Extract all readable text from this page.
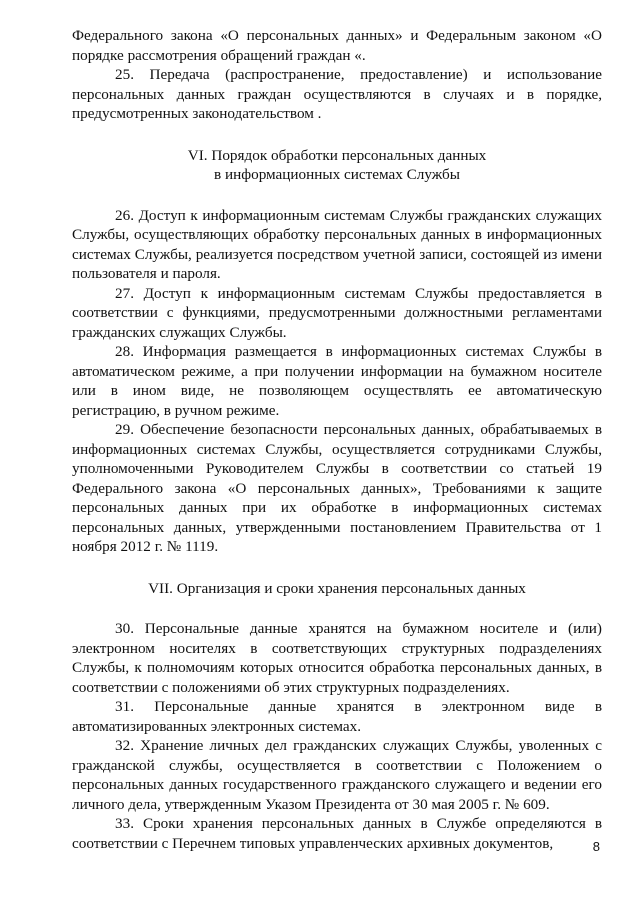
Федерального закона «О персональных данных» и Федеральным законом «О порядке рассмотрения обращений граждан «.

25. Передача (распространение, предоставление) и использование персональных данных граждан осуществляются в случаях и в порядке, предусмотренных законодательством .

VI. Порядок обработки персональных данных

в информационных системах Службы

26. Доступ к информационным системам Службы гражданских служащих Службы, осуществляющих обработку персональных данных в информационных системах Службы, реализуется посредством учетной записи, состоящей из имени пользователя и пароля.

27. Доступ к информационным системам Службы предоставляется в соответствии с функциями, предусмотренными должностными регламентами гражданских служащих Службы.

28. Информация размещается в информационных системах Службы в автоматическом режиме, а при получении информации на бумажном носителе или в ином виде, не позволяющем осуществлять ее автоматическую регистрацию, в ручном режиме.

29. Обеспечение безопасности персональных данных, обрабатываемых в информационных системах Службы, осуществляется сотрудниками Службы, уполномоченными Руководителем Службы в соответствии со статьей 19 Федерального закона «О персональных данных», Требованиями к защите персональных данных при их обработке в информационных системах персональных данных, утвержденными постановлением Правительства от 1 ноября 2012 г. № 1119.

VII. Организация и сроки хранения персональных данных

30. Персональные данные хранятся на бумажном носителе и (или) электронном носителях в соответствующих структурных подразделениях Службы, к полномочиям которых относится обработка персональных данных, в соответствии с положениями об этих структурных подразделениях.

31. Персональные данные хранятся в электронном виде в автоматизированных электронных системах.

32. Хранение личных дел гражданских служащих Службы, уволенных с гражданской службы, осуществляется в соответствии с Положением о персональных данных государственного гражданского служащего и ведении его личного дела, утвержденным Указом Президента от 30 мая 2005 г. № 609.

33. Сроки хранения персональных данных в Службе определяются в соответствии с Перечнем типовых управленческих архивных документов,	8
